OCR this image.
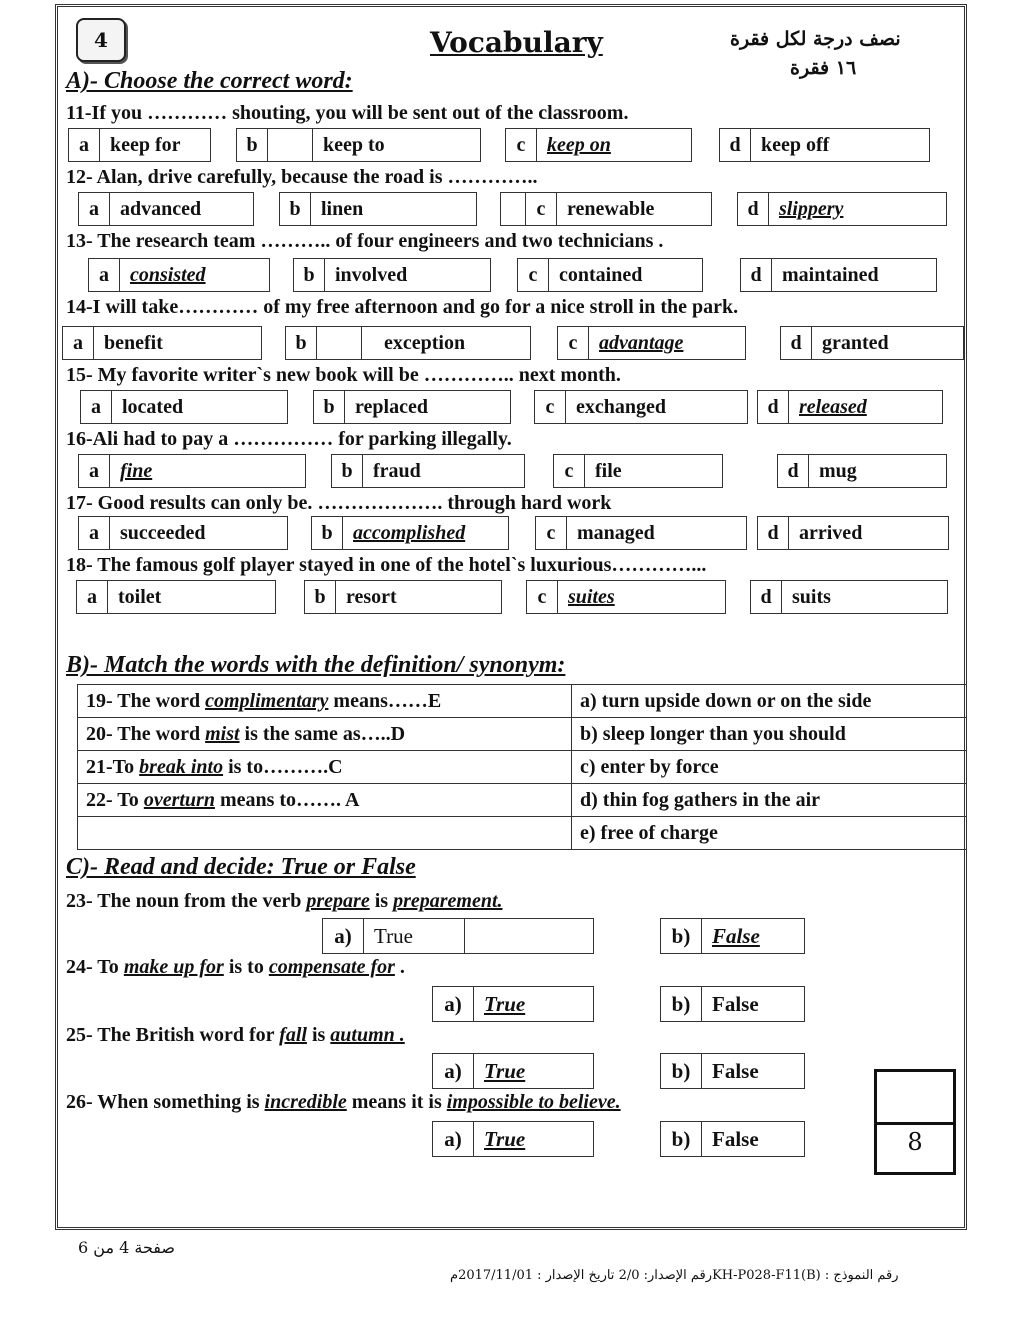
4	Vocabulary	نصف درجة لكل فقرة
١٦ فقرة
A)- Choose the correct word:
11-If you ………… shouting, you will be sent out of the classroom.
a	keep for	b	keep to	c	keep on	d	keep off
12- Alan, drive carefully, because the road is …………..
a	advanced	b	linen	c	renewable	d	slippery
13- The research team ……….. of four engineers and two technicians .
a	consisted	b	involved	c	contained	d	maintained
14-I will take………… of my free afternoon and go for a nice stroll in the park.
a	benefit	b	exception	c	advantage	d	granted
15- My favorite writer`s new book will be ………….. next month.
a	located	b	replaced	c	exchanged	d	released
16-Ali had to pay a …………… for parking illegally.
a	fine	b	fraud	c	file	d	mug
17- Good results can only be. ………………. through hard work
a	succeeded	b	accomplished	c	managed	d	arrived
18- The famous golf player stayed in one of the hotel`s luxurious…………...
a	toilet	b	resort	c	suites	d	suits
B)- Match the words with the definition/ synonym:
19- The word complimentary means……E	a) turn upside down or on the side
20- The word mist is the same as…..D	b) sleep longer than you should
21-To break into is to……….C	c) enter by force
22- To overturn means to……. A	d) thin fog gathers in the air
	e) free of charge
C)- Read and decide: True or False
23- The noun from the verb prepare is preparement.
a)	True	b)	False
24- To make up for is to compensate for .
a)	True	b)	False
25- The British word for fall is autumn .
a)	True	b)	False
26- When something is incredible means it is impossible to believe.
a)	True	b)	False	8
صفحة 4 من 6
رقم النموذج : KH-P028-F11(B)رقم الإصدار: 2/0 تاريخ الإصدار : 2017/11/01م
